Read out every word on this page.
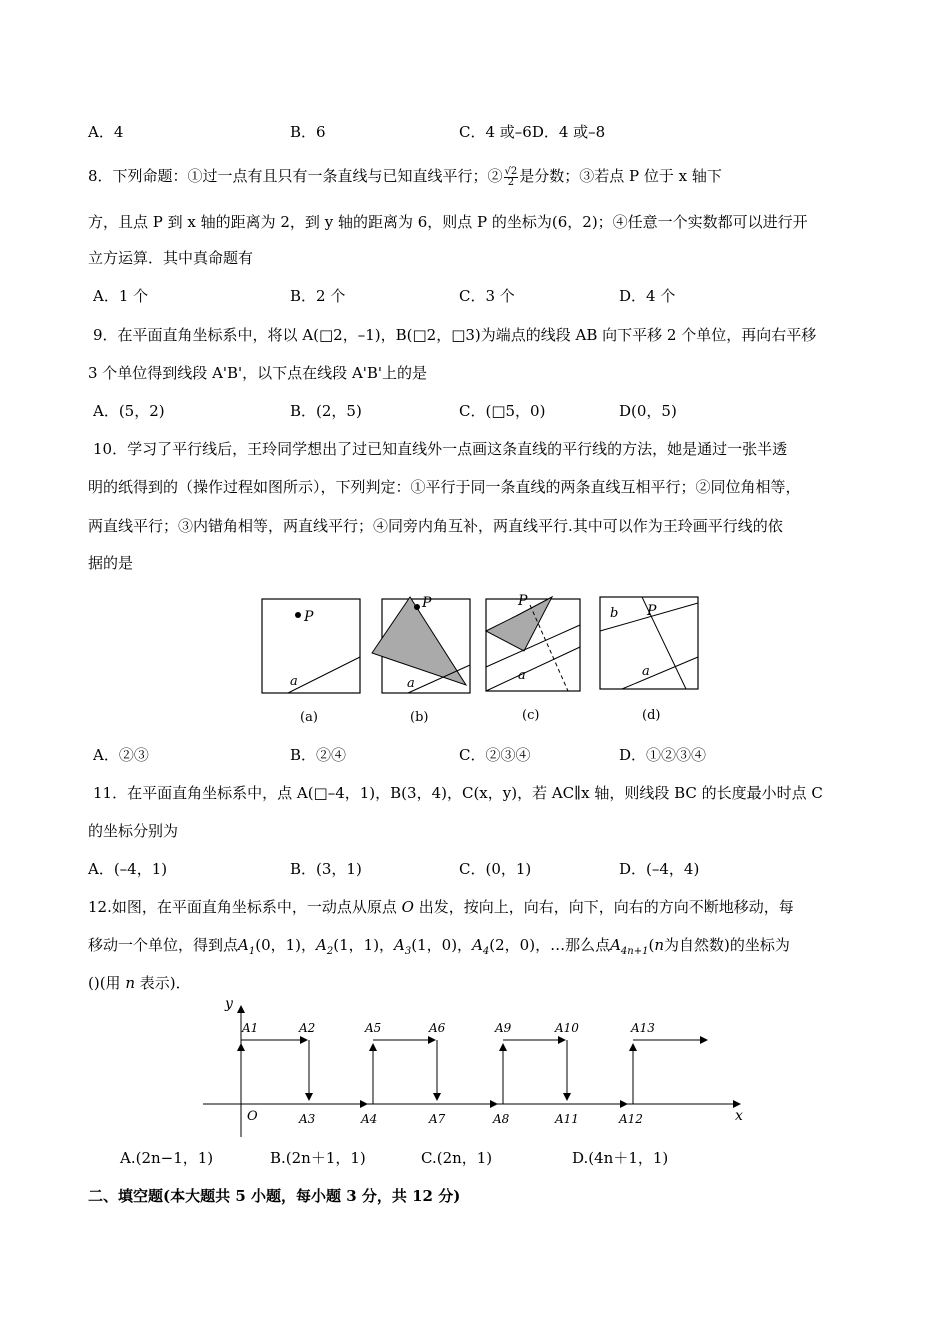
A．4	B．6	C．4 或–6D．4 或–8
8．下列命题：①过一点有且只有一条直线与已知直线平行；② $\frac{√2}{2}$ 是分数；③若点 P 位于 x 轴下
方，且点 P 到 x 轴的距离为 2，到 y 轴的距离为 6，则点 P 的坐标为(6，2)；④任意一个实数都可以进行开
立方运算．其中真命题有
A．1 个	B．2 个	C．3 个	D．4 个
9．在平面直角坐标系中，将以 A(□2，–1)，B(□2，□3)为端点的线段 AB 向下平移 2 个单位，再向右平移
3 个单位得到线段 A'B'，以下点在线段 A'B'上的是
A．(5，2)	B．(2，5)	C．(□5，0)	D(0，5)
10．学习了平行线后，王玲同学想出了过已知直线外一点画这条直线的平行线的方法，她是通过一张半透
明的纸得到的（操作过程如图所示），下列判定：①平行于同一条直线的两条直线互相平行；②同位角相等，
两直线平行；③内错角相等，两直线平行；④同旁内角互补，两直线平行.其中可以作为王玲画平行线的依
据的是
P
a
(a)
P
a
(b)
P
a
(c)
b P
a
(d)
A．②③	B．②④	C．②③④	D．①②③④
11．在平面直角坐标系中，点 A(□–4，1)，B(3，4)，C(x，y)，若 AC∥x 轴，则线段 BC 的长度最小时点 C
的坐标分别为
A．(–4，1)	B．(3，1)	C．(0，1)	D．(–4，4)
12.如图，在平面直角坐标系中，一动点从原点 O 出发，按向上，向右，向下，向右的方向不断地移动，每
移动一个单位，得到点$A_1(0$，1)，$A_2(1$，1)，$A_3(1$，0)，$A_4(2$，0)，…那么点$A_{4n+1}(n$为自然数)的坐标为
()(用 n 表示)．
y
x
O
A1	A2
A3	A4
A5	A6
A7	A8
A9	A10
A11	A12
A13
A.(2n−1，1)	B.(2n＋1，1)	C.(2n，1)	D.(4n＋1，1)
二、填空题(本大题共 5 小题，每小题 3 分，共 12 分)
